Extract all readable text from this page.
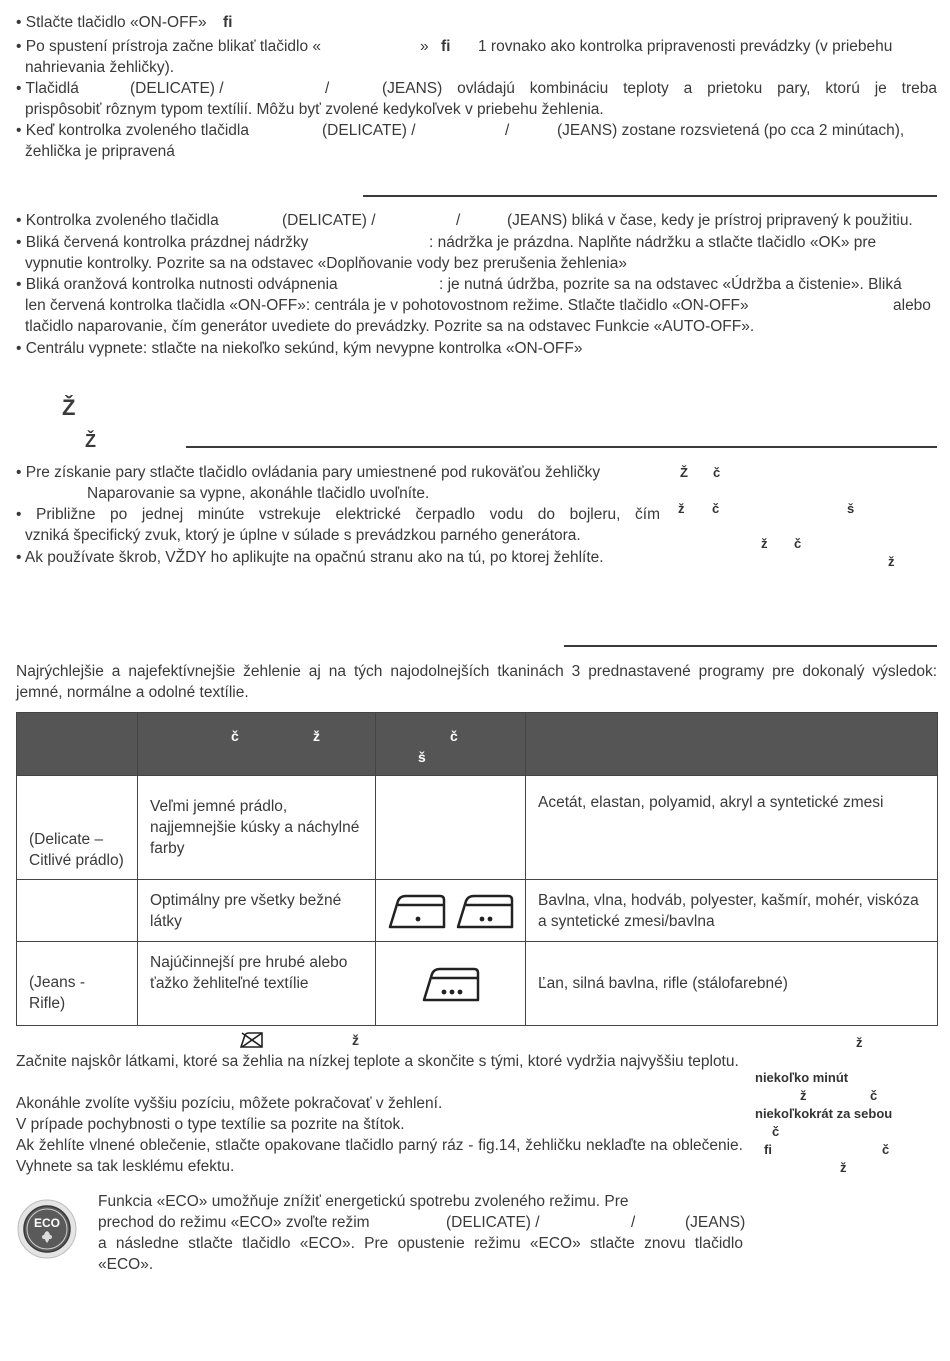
• Stlačte tlačidlo «ON-OFF» ﬁ
• Po spustení prístroja začne blikať tlačidlo «	» ﬁ 1 rovnako ako kontrolka pripravenosti prevádzky (v priebehu
nahrievania žehličky).
• Tlačidlá	(DELICATE) /	/	(JEANS) ovládajú kombináciu teploty a prietoku pary, ktorú je treba
prispôsobiť rôznym typom textílií. Môžu byť zvolené kedykoľvek v priebehu žehlenia.
• Keď kontrolka zvoleného tlačidla	(DELICATE) /	/	(JEANS) zostane rozsvietená (po cca 2 minútach),
žehlička je pripravená
• Kontrolka zvoleného tlačidla	(DELICATE) /	/	(JEANS) bliká v čase, kedy je prístroj pripravený k použitiu.
• Bliká červená kontrolka prázdnej nádržky	: nádržka je prázdna. Naplňte nádržku a stlačte tlačidlo «OK» pre
vypnutie kontrolky. Pozrite sa na odstavec «Doplňovanie vody bez prerušenia žehlenia»
• Bliká oranžová kontrolka nutnosti odvápnenia	: je nutná údržba, pozrite sa na odstavec «Údržba a čistenie». Bliká
len červená kontrolka tlačidla «ON-OFF»: centrála je v pohotovostnom režime. Stlačte tlačidlo «ON-OFF»	alebo
tlačidlo naparovanie, čím generátor uvediete do prevádzky. Pozrite sa na odstavec Funkcie «AUTO-OFF».
• Centrálu vypnete: stlačte na niekoľko sekúnd, kým nevypne kontrolka «ON-OFF»
Ž
Ž
• Pre získanie pary stlačte tlačidlo ovládania pary umiestnené pod rukoväťou žehličky
Naparovanie sa vypne, akonáhle tlačidlo uvoľníte.
• Približne po jednej minúte vstrekuje elektrické čerpadlo vodu do bojleru, čím
vzniká špecifický zvuk, ktorý je úplne v súlade s prevádzkou parného generátora.
• Ak používate škrob, VŽDY ho aplikujte na opačnú stranu ako na tú, po ktorej žehlíte.
Ž č
ž č	š
ž č
ž
Najrýchlejšie a najefektívnejšie žehlenie aj na tých najodolnejších tkaninách 3 prednastavené programy pre dokonalý výsledok: jemné, normálne a odolné textílie.

	č ž	č
š	

(Delicate – Citlivé prádlo)	Veľmi jemné prádlo, najjemnejšie kúsky a náchylné farby		Acetát, elastan, polyamid, akryl a syntetické zmesi
	Optimálny pre všetky bežné látky		Bavlna, vlna, hodváb, polyester, kašmír, mohér, viskóza a syntetické zmesi/bavlna
(Jeans - Rifle)	Najúčinnejší pre hrubé alebo ťažko žehliteľné textílie		Ľan, silná bavlna, rifle (stálofarebné)
ž
Začnite najskôr látkami, ktoré sa žehlia na nízkej teplote a skončite s tými, ktoré vydržia najvyššiu teplotu.
Akonáhle zvolíte vyššiu pozíciu, môžete pokračovať v žehlení.
V prípade pochybnosti o type textílie sa pozrite na štítok.
Ak žehlíte vlnené oblečenie, stlačte opakovane tlačidlo parný ráz - fig.14, žehličku neklaďte na oblečenie. Vyhnete sa tak lesklému efektu.
ž
niekoľko minút
ž	č
niekoľkokrát za sebou
č
ﬁ	č
ž
ECO
Funkcia «ECO» umožňuje znížiť energetickú spotrebu zvoleného režimu. Pre
prechod do režimu «ECO» zvoľte režim	(DELICATE) /	/	(JEANS)
a následne stlačte tlačidlo «ECO». Pre opustenie režimu «ECO» stlačte znovu tlačidlo
«ECO».
